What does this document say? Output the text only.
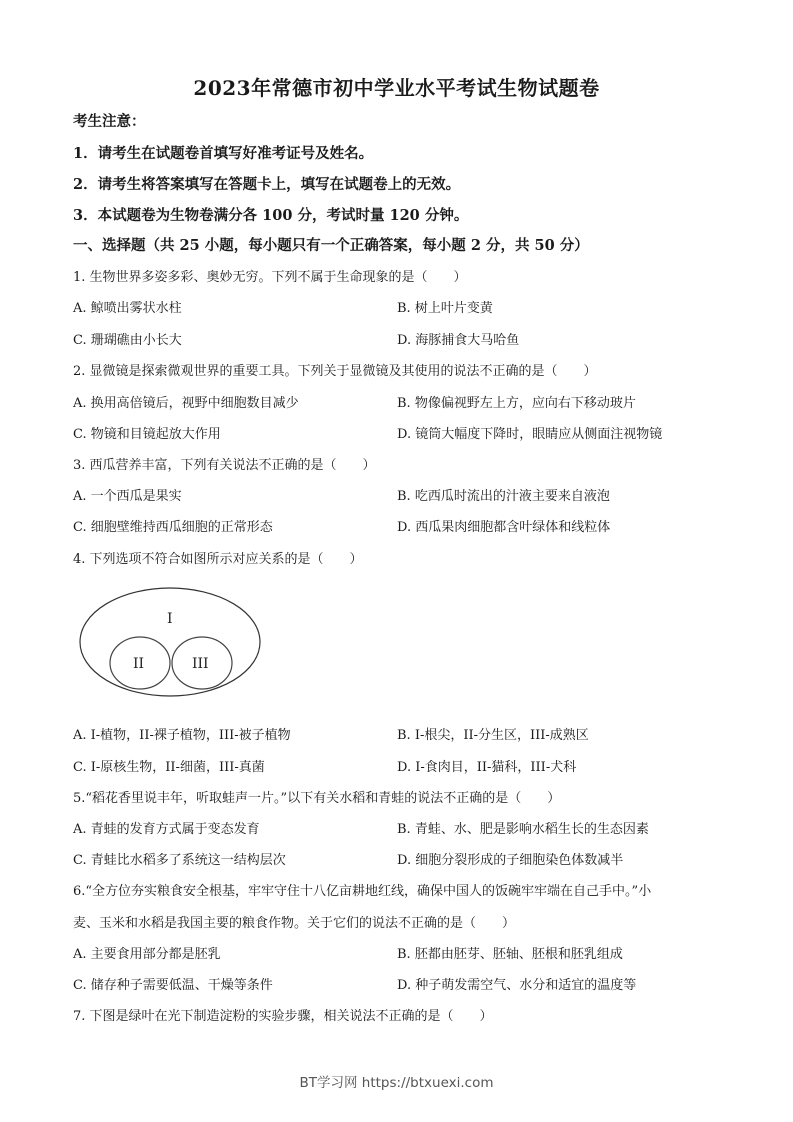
2023年常德市初中学业水平考试生物试题卷
考生注意：
1．请考生在试题卷首填写好准考证号及姓名。
2．请考生将答案填写在答题卡上，填写在试题卷上的无效。
3．本试题卷为生物卷满分各 100 分，考试时量 120 分钟。
一、选择题（共 25 小题，每小题只有一个正确答案，每小题 2 分，共 50 分）
1. 生物世界多姿多彩、奥妙无穷。下列不属于生命现象的是（　　）
A. 鲸喷出雾状水柱	B. 树上叶片变黄
C. 珊瑚礁由小长大	D. 海豚捕食大马哈鱼
2. 显微镜是探索微观世界的重要工具。下列关于显微镜及其使用的说法不正确的是（　　）
A. 换用高倍镜后，视野中细胞数目减少	B. 物像偏视野左上方，应向右下移动玻片
C. 物镜和目镜起放大作用	D. 镜筒大幅度下降时，眼睛应从侧面注视物镜
3. 西瓜营养丰富，下列有关说法不正确的是（　　）
A. 一个西瓜是果实	B. 吃西瓜时流出的汁液主要来自液泡
C. 细胞壁维持西瓜细胞的正常形态	D. 西瓜果肉细胞都含叶绿体和线粒体
4. 下列选项不符合如图所示对应关系的是（　　）
I
II	III
A. I-植物，II-裸子植物，III-被子植物	B. I-根尖，II-分生区，III-成熟区
C. I-原核生物，II-细菌，III-真菌	D. I-食肉目，II-猫科，III-犬科
5.“稻花香里说丰年，听取蛙声一片。”以下有关水稻和青蛙的说法不正确的是（　　）
A. 青蛙的发育方式属于变态发育	B. 青蛙、水、肥是影响水稻生长的生态因素
C. 青蛙比水稻多了系统这一结构层次	D. 细胞分裂形成的子细胞染色体数减半
6.“全方位夯实粮食安全根基，牢牢守住十八亿亩耕地红线，确保中国人的饭碗牢牢端在自己手中。”小
麦、玉米和水稻是我国主要的粮食作物。关于它们的说法不正确的是（　　）
A. 主要食用部分都是胚乳	B. 胚都由胚芽、胚轴、胚根和胚乳组成
C. 储存种子需要低温、干燥等条件	D. 种子萌发需空气、水分和适宜的温度等
7. 下图是绿叶在光下制造淀粉的实验步骤，相关说法不正确的是（　　）
BT学习网 https://btxuexi.com
